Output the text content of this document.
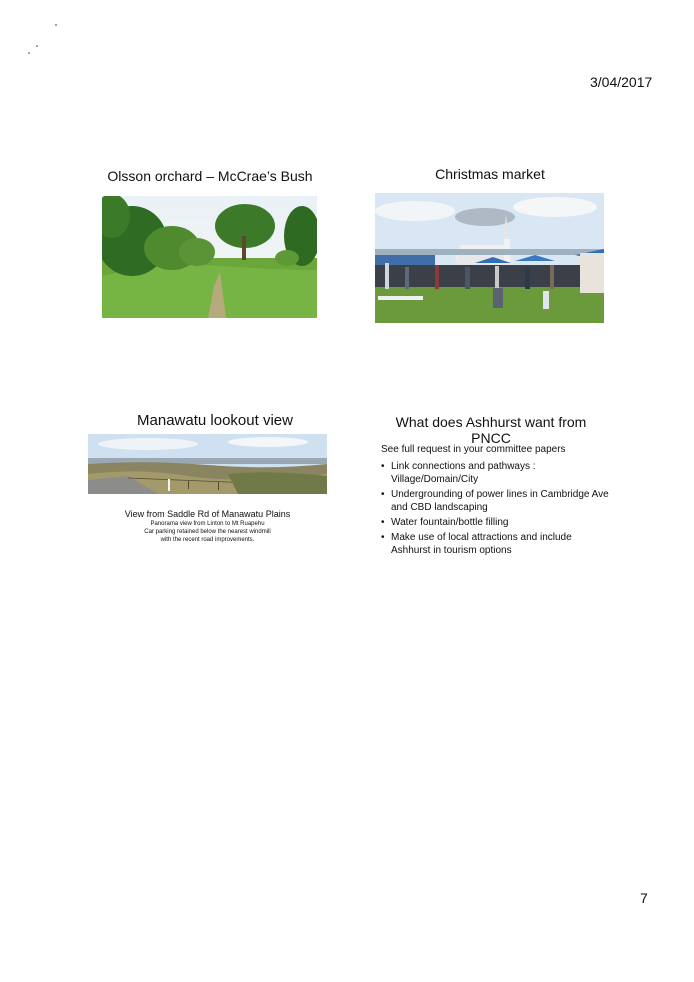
3/04/2017
Olsson orchard – McCrae’s Bush	Christmas market
Manawatu lookout view
View from Saddle Rd of Manawatu Plains
Panorama view from Linton to Mt Ruapehu
Car parking retained below the nearest windmill
with the recent road improvements.
What does Ashhurst want from PNCC
See full request in your committee papers
• Link connections and pathways : Village/Domain/City
• Undergrounding of power lines in Cambridge Ave and CBD landscaping
• Water fountain/bottle filling
• Make use of local attractions and include Ashhurst in tourism options
7
